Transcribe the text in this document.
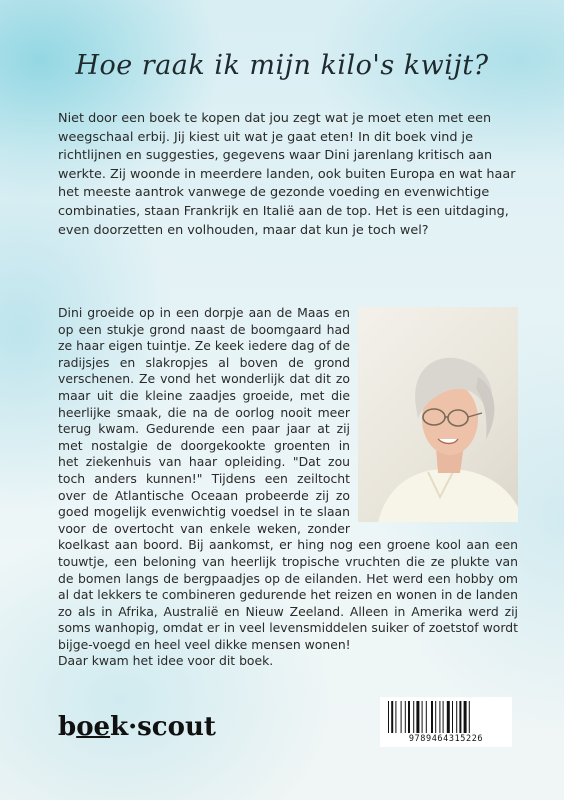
Hoe raak ik mijn kilo's kwijt?

Niet door een boek te kopen dat jou zegt wat je moet eten met een weegschaal erbij. Jij kiest uit wat je gaat eten! In dit boek vind je richtlijnen en suggesties, gegevens waar Dini jarenlang kritisch aan werkte. Zij woonde in meerdere landen, ook buiten Europa en wat haar het meeste aantrok vanwege de gezonde voeding en evenwichtige combinaties, staan Frankrijk en Italië aan de top. Het is een uitdaging, even doorzetten en volhouden, maar dat kun je toch wel?

Dini groeide op in een dorpje aan de Maas en op een stukje grond naast de boomgaard had ze haar eigen tuintje. Ze keek iedere dag of de radijsjes en slakropjes al boven de grond verschenen. Ze vond het wonderlijk dat dit zo maar uit die kleine zaadjes groeide, met die heerlijke smaak, die na de oorlog nooit meer terug kwam. Gedurende een paar jaar at zij met nostalgie de doorgekookte groenten in het ziekenhuis van haar opleiding. "Dat zou toch anders kunnen!" Tijdens een zeiltocht over de Atlantische Oceaan probeerde zij zo goed mogelijk evenwichtig voedsel in te slaan voor de overtocht van enkele weken, zonder koelkast aan boord. Bij aankomst, er hing nog een groene kool aan een touwtje, een beloning van heerlijk tropische vruchten die ze plukte van de bomen langs de bergpaadjes op de eilanden. Het werd een hobby om al dat lekkers te combineren gedurende het reizen en wonen in de landen zo als in Afrika, Australië en Nieuw Zeeland. Alleen in Amerika werd zij soms wanhopig, omdat er in veel levensmiddelen suiker of zoetstof wordt bijge-voegd en heel veel dikke mensen wonen!

Daar kwam het idee voor dit boek.

boek·scout	9789464315226
